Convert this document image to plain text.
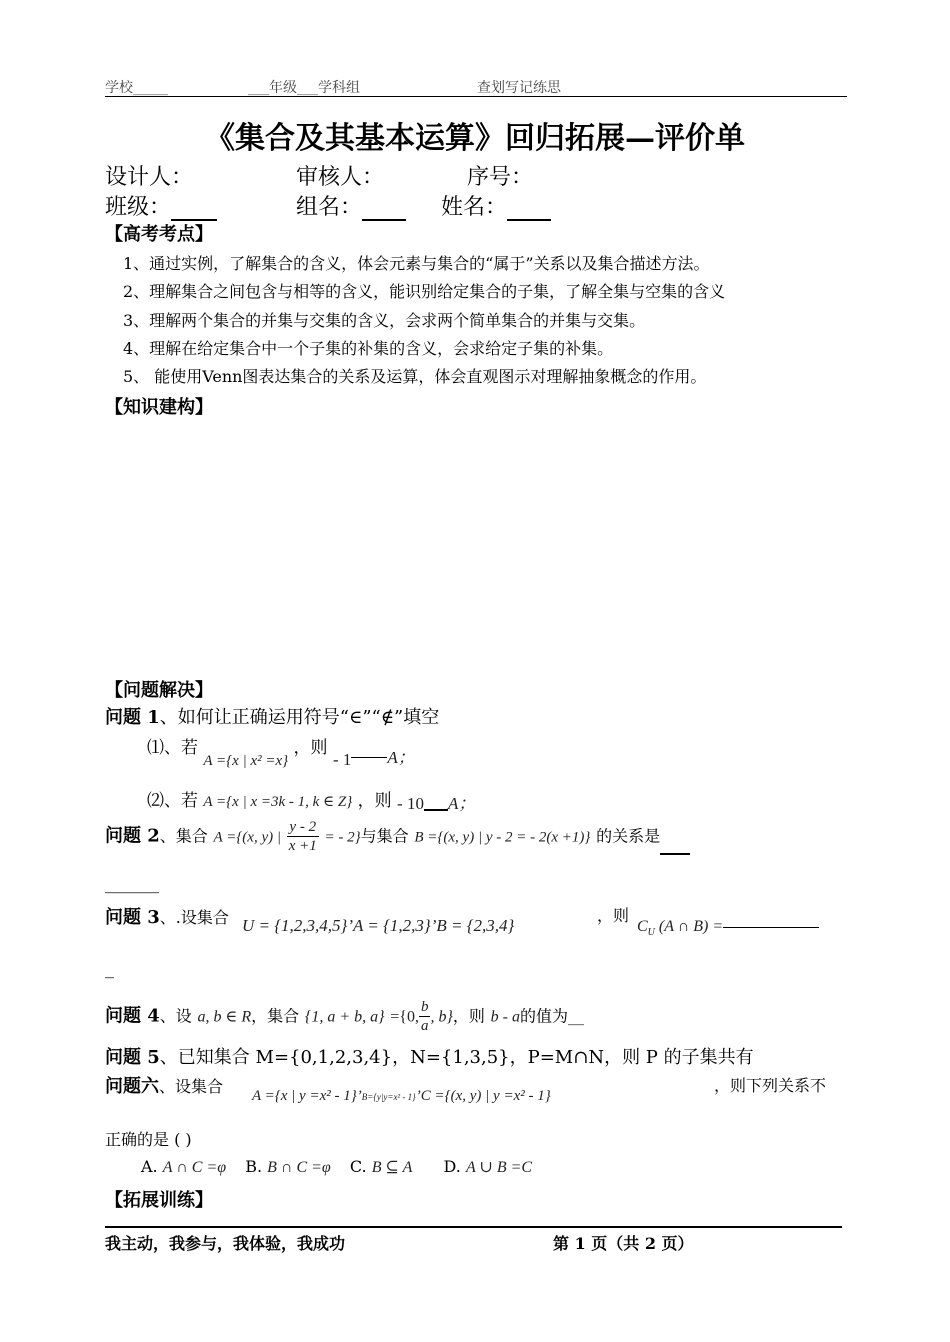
学校_____	___年级___学科组	查划写记练思
《集合及其基本运算》回归拓展—评价单
设计人：	审核人：	序号：
班级：	组名：	姓名：
【高考考点】
1、通过实例，了解集合的含义，体会元素与集合的“属于”关系以及集合描述方法。
2、理解集合之间包含与相等的含义，能识别给定集合的子集，了解全集与空集的含义
3、理解两个集合的并集与交集的含义，会求两个简单集合的并集与交集。
4、理解在给定集合中一个子集的补集的含义，会求给定子集的补集。
5、 能使用Venn图表达集合的关系及运算，体会直观图示对理解抽象概念的作用。
【知识建构】
【问题解决】
问题 1、如何让正确运用符号“∈”“∉”填空
⑴、若 A ={x | x² =x} ，则 - 1 A；
⑵、若 A ={x | x =3k - 1, k ∈ Z} ，则 - 10 A；
问题 2、集合 A ={(x, y) | $\frac{y - 2}{x +1}$ = - 2}与集合 B ={(x, y) | y - 2 = - 2(x +1)} 的关系是
______
问题 3、.设集合 U = {1,2,3,4,5}’A = {1,2,3}’B = {2,3,4}
，则
$C_U$ (A ∩ B) =
_
问题 4、设 a, b ∈ R，集合 {1, a + b, a} ={0, $\frac{b}{a}$ , b}，则 b - a的值为__
问题 5、已知集合 M={0,1,2,3,4}，N={1,3,5}，P=M∩N，则 P 的子集共有
问题六、设集合 A ={x | y =x² - 1}’B={y|y=x² - 1}’C ={(x, y) | y =x² - 1}
，则下列关系不
正确的是 ( )
A. A ∩ C =φ B. B ∩ C =φ C. B ⊆ A D. A ∪ B =C
【拓展训练】
我主动，我参与，我体验，我成功	第 1 页（共 2 页）
